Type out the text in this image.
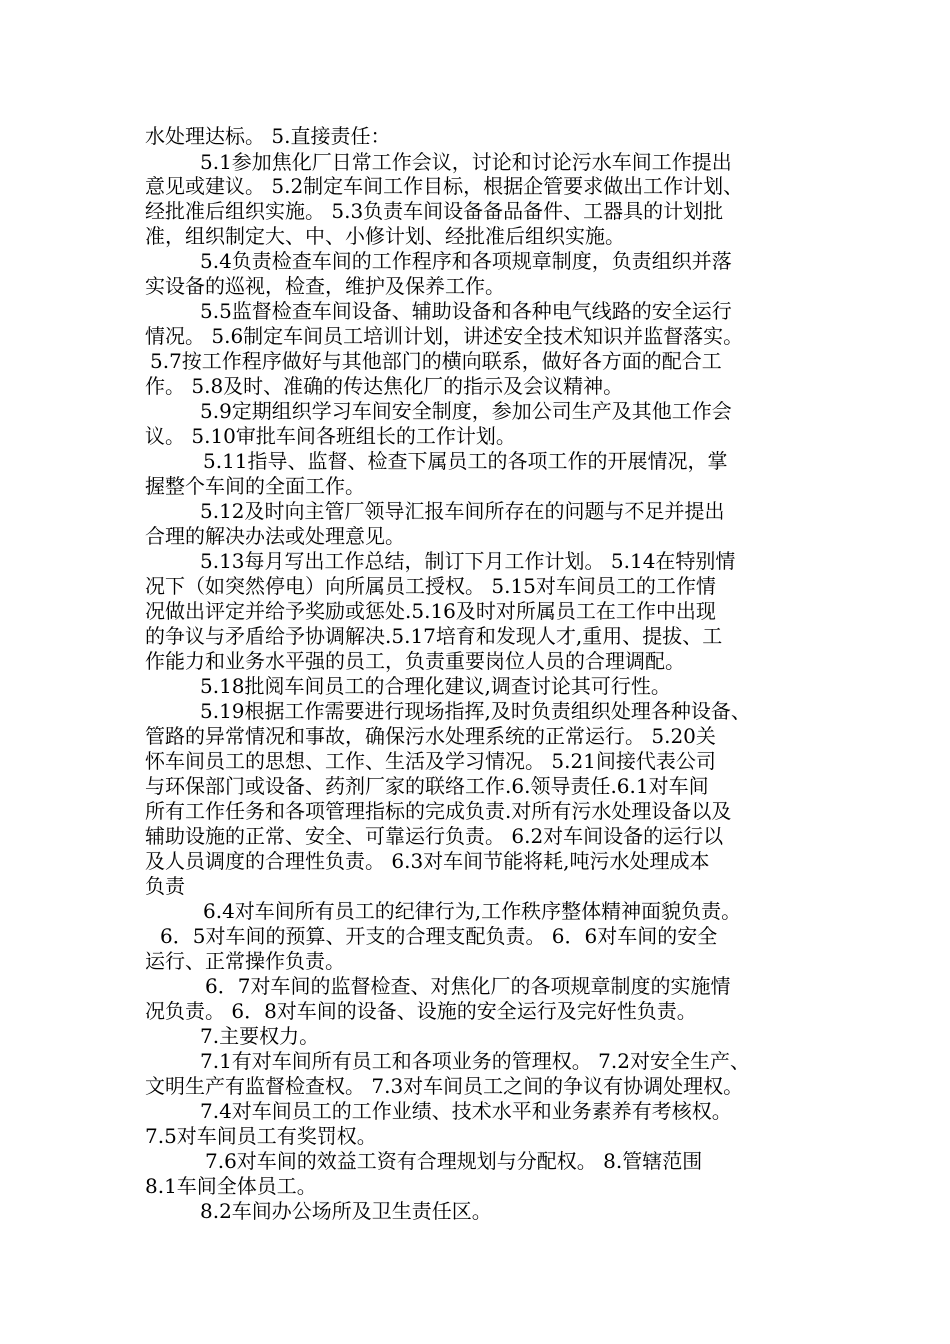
水处理达标。 5.直接责任：
5.1参加焦化厂日常工作会议，讨论和讨论污水车间工作提出
意见或建议。 5.2制定车间工作目标，根据企管要求做出工作计划、
经批准后组织实施。 5.3负责车间设备备品备件、工器具的计划批
准，组织制定大、中、小修计划、经批准后组织实施。
5.4负责检查车间的工作程序和各项规章制度，负责组织并落
实设备的巡视，检查，维护及保养工作。
5.5监督检查车间设备、辅助设备和各种电气线路的安全运行
情况。 5.6制定车间员工培训计划，讲述安全技术知识并监督落实。
5.7按工作程序做好与其他部门的横向联系，做好各方面的配合工
作。 5.8及时、准确的传达焦化厂的指示及会议精神。
5.9定期组织学习车间安全制度，参加公司生产及其他工作会
议。 5.10审批车间各班组长的工作计划。
5.11指导、监督、检查下属员工的各项工作的开展情况，掌
握整个车间的全面工作。
5.12及时向主管厂领导汇报车间所存在的问题与不足并提出
合理的解决办法或处理意见。
5.13每月写出工作总结，制订下月工作计划。 5.14在特别情
况下（如突然停电）向所属员工授权。 5.15对车间员工的工作情
况做出评定并给予奖励或惩处.5.16及时对所属员工在工作中出现
的争议与矛盾给予协调解决.5.17培育和发现人才,重用、提拔、工
作能力和业务水平强的员工，负责重要岗位人员的合理调配。
5.18批阅车间员工的合理化建议,调查讨论其可行性。
5.19根据工作需要进行现场指挥,及时负责组织处理各种设备、
管路的异常情况和事故，确保污水处理系统的正常运行。 5.20关
怀车间员工的思想、工作、生活及学习情况。 5.21间接代表公司
与环保部门或设备、药剂厂家的联络工作.6.领导责任.6.1对车间
所有工作任务和各项管理指标的完成负责.对所有污水处理设备以及
辅助设施的正常、安全、可靠运行负责。 6.2对车间设备的运行以
及人员调度的合理性负责。 6.3对车间节能将耗,吨污水处理成本
负责
6.4对车间所有员工的纪律行为,工作秩序整体精神面貌负责。
6．5对车间的预算、开支的合理支配负责。 6．6对车间的安全
运行、正常操作负责。
6．7对车间的监督检查、对焦化厂的各项规章制度的实施情
况负责。 6．8对车间的设备、设施的安全运行及完好性负责。
7.主要权力。
7.1有对车间所有员工和各项业务的管理权。 7.2对安全生产、
文明生产有监督检查权。 7.3对车间员工之间的争议有协调处理权。
7.4对车间员工的工作业绩、技术水平和业务素养有考核权。
7.5对车间员工有奖罚权。
7.6对车间的效益工资有合理规划与分配权。 8.管辖范围
8.1车间全体员工。
8.2车间办公场所及卫生责任区。
